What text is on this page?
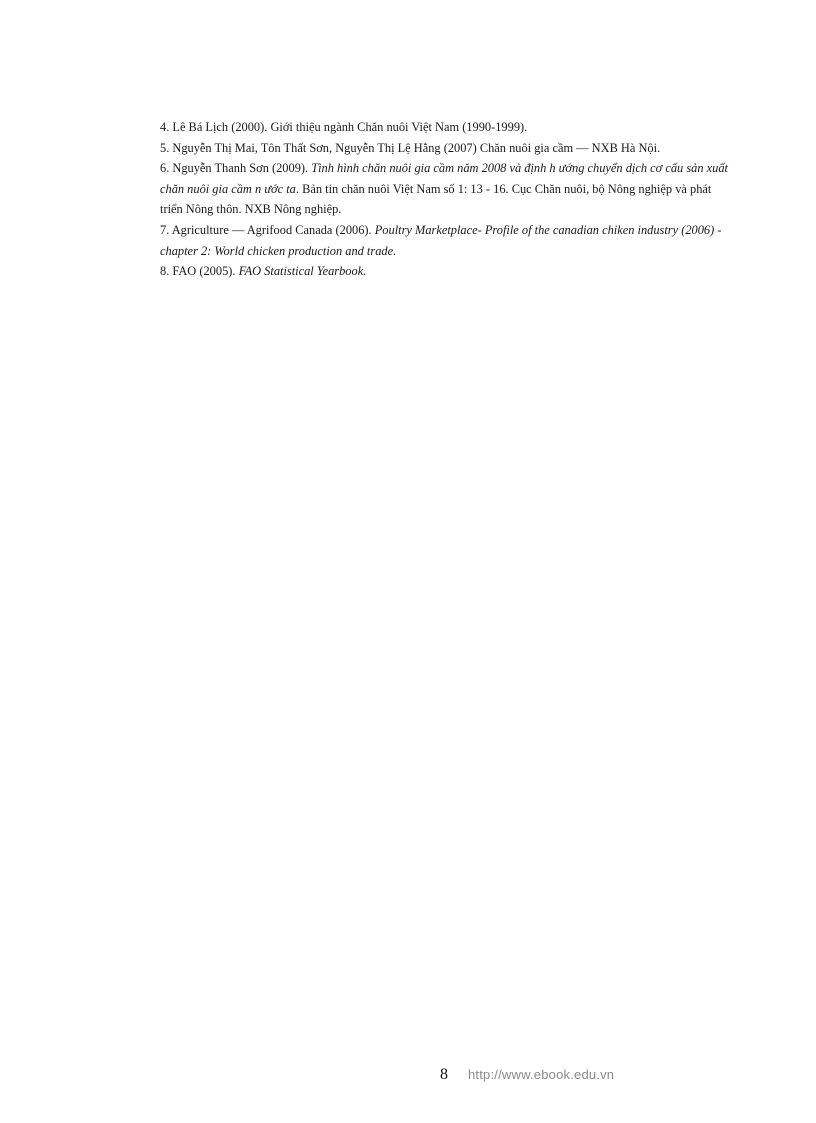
4. Lê Bá Lịch (2000). Giới thiệu ngành Chăn nuôi Việt Nam (1990-1999).

5. Nguyễn Thị Mai, Tôn Thất Sơn, Nguyễn Thị Lệ Hằng (2007) Chăn nuôi gia cầm — NXB Hà Nội.

6. Nguyễn Thanh Sơn (2009). Tình hình chăn nuôi gia cầm năm 2008 và định h ướng chuyển dịch cơ cấu sản xuất chăn nuôi gia cầm n ước ta. Bản tin chăn nuôi Việt Nam số 1: 13 - 16. Cục Chăn nuôi, bộ Nông nghiệp và phát triển Nông thôn. NXB Nông nghiệp.

7. Agriculture — Agrifood Canada (2006). Poultry Marketplace- Profile of the canadian chiken industry (2006) - chapter 2: World chicken production and trade.

8. FAO (2005). FAO Statistical Yearbook.

8 http://www.ebook.edu.vn
